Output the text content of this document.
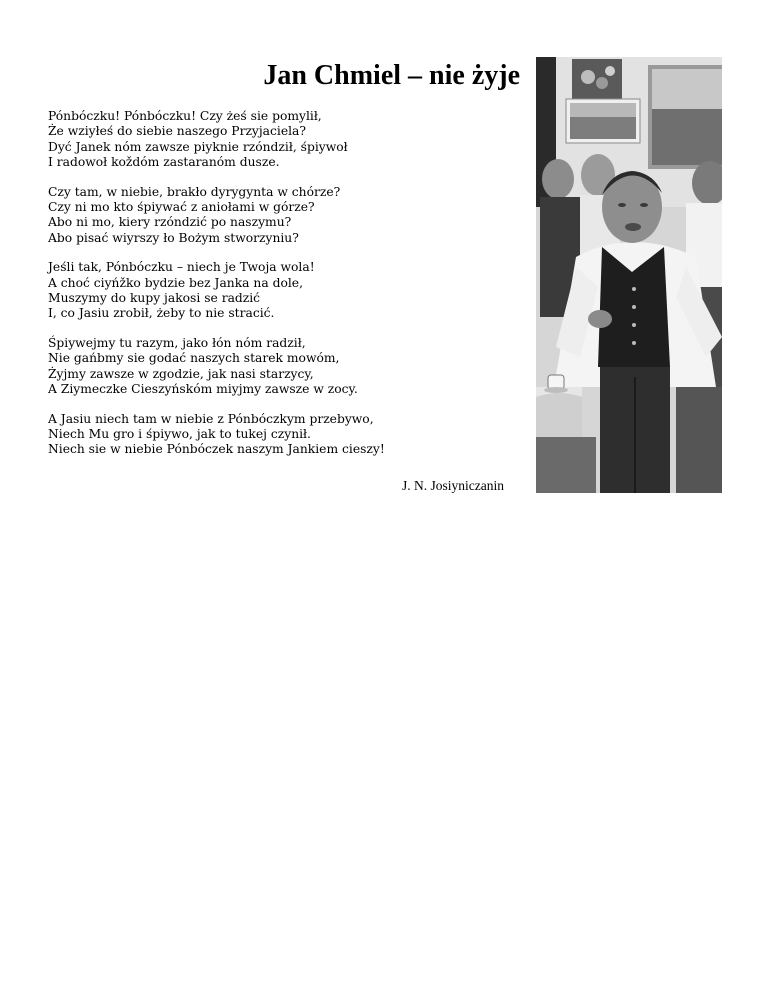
Jan Chmiel – nie żyje
Pónbóczku! Pónbóczku! Czy żeś sie pomylił,
Że wziyłeś do siebie naszego Przyjaciela?
Dyć Janek nóm zawsze piyknie rzóndził, śpiywoł
I radowoł koždóm zastaranóm dusze.
Czy tam, w niebie, brakło dyrygynta w chórze?
Czy ni mo kto śpiywać z aniołami w górze?
Abo ni mo, kiery rzóndzić po naszymu?
Abo pisać wiyrszy ło Bożym stworzyniu?
Jeśli tak, Pónbóczku – niech je Twoja wola!
A choć ciyńžko bydzie bez Janka na dole,
Muszymy do kupy jakosi se radzić
I, co Jasiu zrobił, żeby to nie stracić.
Śpiywejmy tu razym, jako łón nóm radził,
Nie gańbmy sie godać naszych starek mowóm,
Żyjmy zawsze w zgodzie, jak nasi starzycy,
A Ziymeczke Cieszyńskóm miyjmy zawsze w zocy.
A Jasiu niech tam w niebie z Pónbóczkym przebywo,
Niech Mu gro i śpiywo, jak to tukej czynił.
Niech sie w niebie Pónbóczek naszym Jankiem cieszy!
J. N. Josiyniczanin
